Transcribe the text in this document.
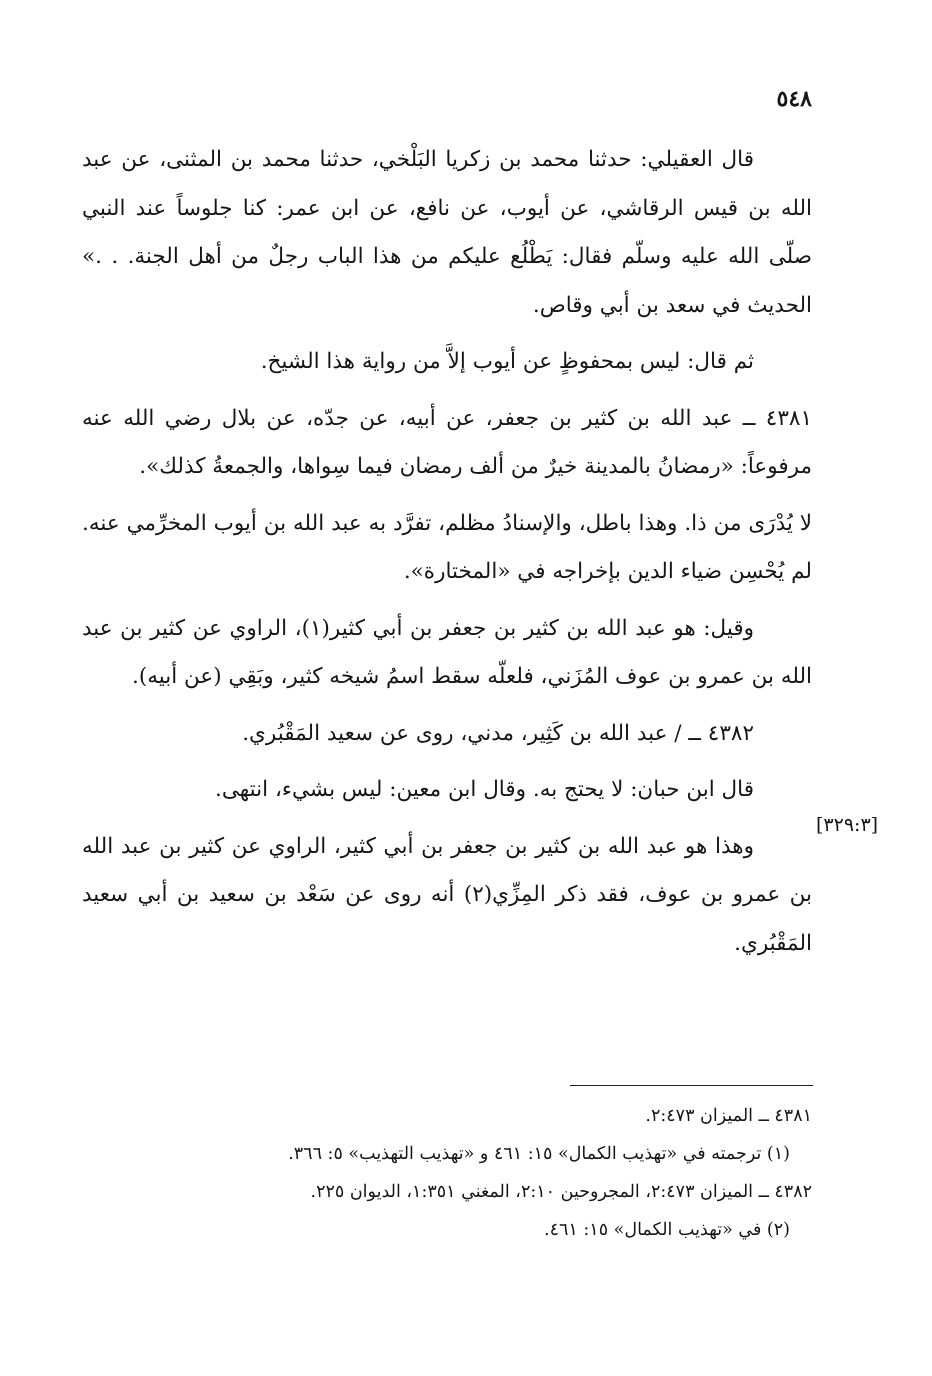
٥٤٨

قال العقيلي: حدثنا محمد بن زكريا البَلْخي، حدثنا محمد بن المثنى، عن عبد الله بن قيس الرقاشي، عن أيوب، عن نافع، عن ابن عمر: كنا جلوساً عند النبي صلّى الله عليه وسلّم فقال: يَطْلُع عليكم من هذا الباب رجلٌ من أهل الجنة. . .» الحديث في سعد بن أبي وقاص.

ثم قال: ليس بمحفوظٍ عن أيوب إلاَّ من رواية هذا الشيخ.

٤٣٨١ ــ عبد الله بن كثير بن جعفر، عن أبيه، عن جدّه، عن بلال رضي الله عنه مرفوعاً: «رمضانُ بالمدينة خيرٌ من ألف رمضان فيما سِواها، والجمعةُ كذلك».

لا يُدْرَى من ذا. وهذا باطل، والإسنادُ مظلم، تفرَّد به عبد الله بن أيوب المخرِّمي عنه. لم يُحْسِن ضياء الدين بإخراجه في «المختارة».

وقيل: هو عبد الله بن كثير بن جعفر بن أبي كثير(١)، الراوي عن كثير بن عبد الله بن عمرو بن عوف المُزَني، فلعلّه سقط اسمُ شيخه كثير، وبَقِي (عن أبيه).

٤٣٨٢ ــ / عبد الله بن كَثِير، مدني، روى عن سعيد المَقْبُري.

قال ابن حبان: لا يحتج به. وقال ابن معين: ليس بشيء، انتهى.

وهذا هو عبد الله بن كثير بن جعفر بن أبي كثير، الراوي عن كثير بن عبد الله بن عمرو بن عوف، فقد ذكر المِزِّي(٢) أنه روى عن سَعْد بن سعيد بن أبي سعيد المَقْبُري.

[٣٢٩:٣]
٤٣٨١ ــ الميزان ٢:٤٧٣.
(١) ترجمته في «تهذيب الكمال» ١٥: ٤٦١ و «تهذيب التهذيب» ٥: ٣٦٦.
٤٣٨٢ ــ الميزان ٢:٤٧٣، المجروحين ٢:١٠، المغني ١:٣٥١، الديوان ٢٢٥.
(٢) في «تهذيب الكمال» ١٥: ٤٦١.
